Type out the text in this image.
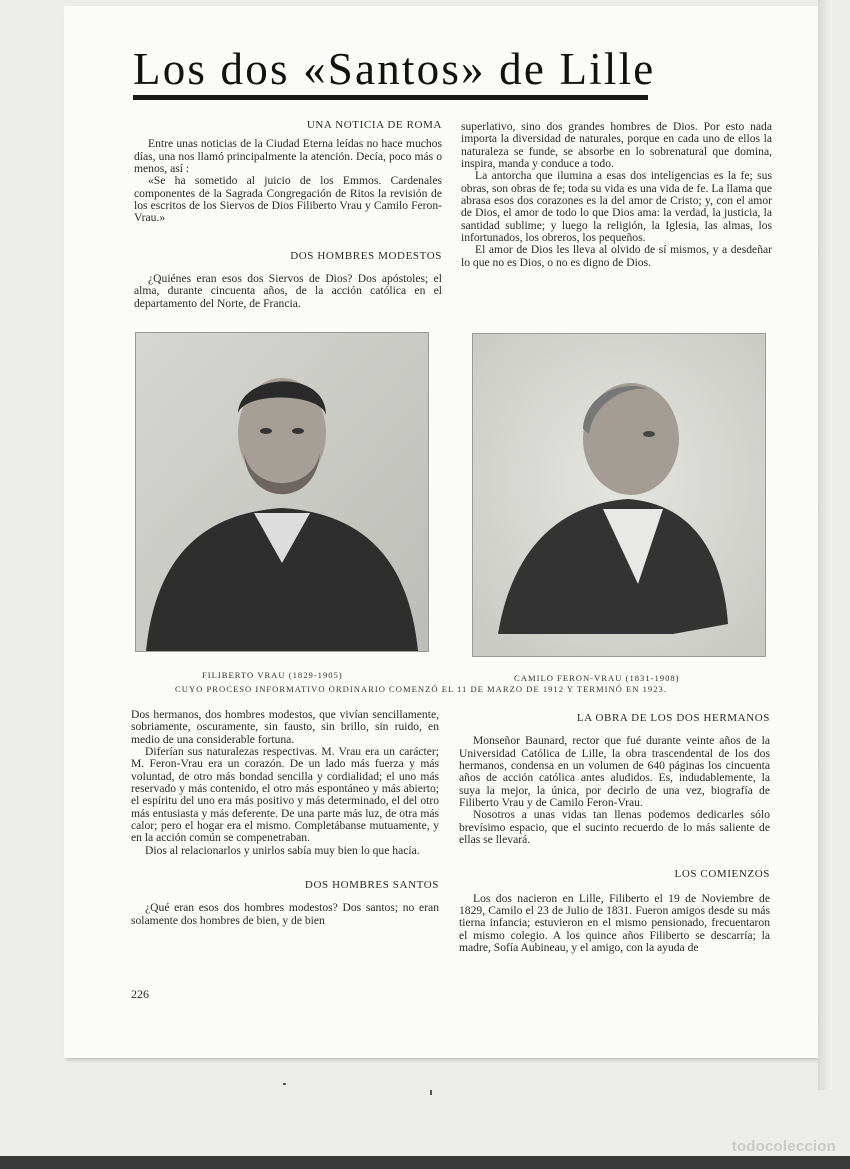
Los dos «Santos» de Lille
UNA NOTICIA DE ROMA

Entre unas noticias de la Ciudad Eterna leídas no hace muchos días, una nos llamó principalmente la atención. Decía, poco más o menos, así :

«Se ha sometido al juicio de los Emmos. Cardenales componentes de la Sagrada Congregación de Ritos la revisión de los escritos de los Siervos de Dios Filiberto Vrau y Camilo Feron-Vrau.»

DOS HOMBRES MODESTOS

¿Quiénes eran esos dos Siervos de Dios? Dos apóstoles; el alma, durante cincuenta años, de la acción católica en el departamento del Norte, de Francia.

superlativo, sino dos grandes hombres de Dios. Por esto nada importa la diversidad de naturales, porque en cada uno de ellos la naturaleza se funde, se absorbe en lo sobrenatural que domina, inspira, manda y conduce a todo.

La antorcha que ilumina a esas dos inteligencias es la fe; sus obras, son obras de fe; toda su vida es una vida de fe. La llama que abrasa esos dos corazones es la del amor de Cristo; y, con el amor de Dios, el amor de todo lo que Dios ama: la verdad, la justicia, la santidad sublime; y luego la religión, la Iglesia, las almas, los infortunados, los obreros, los pequeños.

El amor de Dios les lleva al olvido de sí mismos, y a desdeñar lo que no es Dios, o no es digno de Dios.

FILIBERTO VRAU (1829-1905)	CAMILO FERON-VRAU (1831-1908)
CUYO PROCESO INFORMATIVO ORDINARIO COMENZÓ EL 11 DE MARZO DE 1912 Y TERMINÓ EN 1923.

Dos hermanos, dos hombres modestos, que vivían sencillamente, sobriamente, oscuramente, sin fausto, sin brillo, sin ruido, en medio de una considerable fortuna.

Diferían sus naturalezas respectivas. M. Vrau era un carácter; M. Feron-Vrau era un corazón. De un lado más fuerza y más voluntad, de otro más bondad sencilla y cordialidad; el uno más reservado y más contenido, el otro más espontáneo y más abierto; el espíritu del uno era más positivo y más determinado, el del otro más entusiasta y más deferente. De una parte más luz, de otra más calor; pero el hogar era el mismo. Completábanse mutuamente, y en la acción común se compenetraban.

Dios al relacionarlos y unirlos sabía muy bien lo que hacía.

DOS HOMBRES SANTOS

¿Qué eran esos dos hombres modestos? Dos santos; no eran solamente dos hombres de bien, y de bien

LA OBRA DE LOS DOS HERMANOS

Monseñor Baunard, rector que fué durante veinte años de la Universidad Católica de Lille, la obra trascendental de los dos hermanos, condensa en un volumen de 640 páginas los cincuenta años de acción católica antes aludidos. Es, indudablemente, la suya la mejor, la única, por decirlo de una vez, biografía de Filiberto Vrau y de Camilo Feron-Vrau.

Nosotros a unas vidas tan llenas podemos dedicarles sólo brevísimo espacio, que el sucinto recuerdo de lo más saliente de ellas se llevará.

LOS COMIENZOS

Los dos nacieron en Lille, Filiberto el 19 de Noviembre de 1829, Camilo el 23 de Julio de 1831. Fueron amigos desde su más tierna infancia; estuvieron en el mismo pensionado, frecuentaron el mismo colegio. A los quince años Filiberto se descarría; la madre, Sofía Aubineau, y el amigo, con la ayuda de

226
todocoleccion
